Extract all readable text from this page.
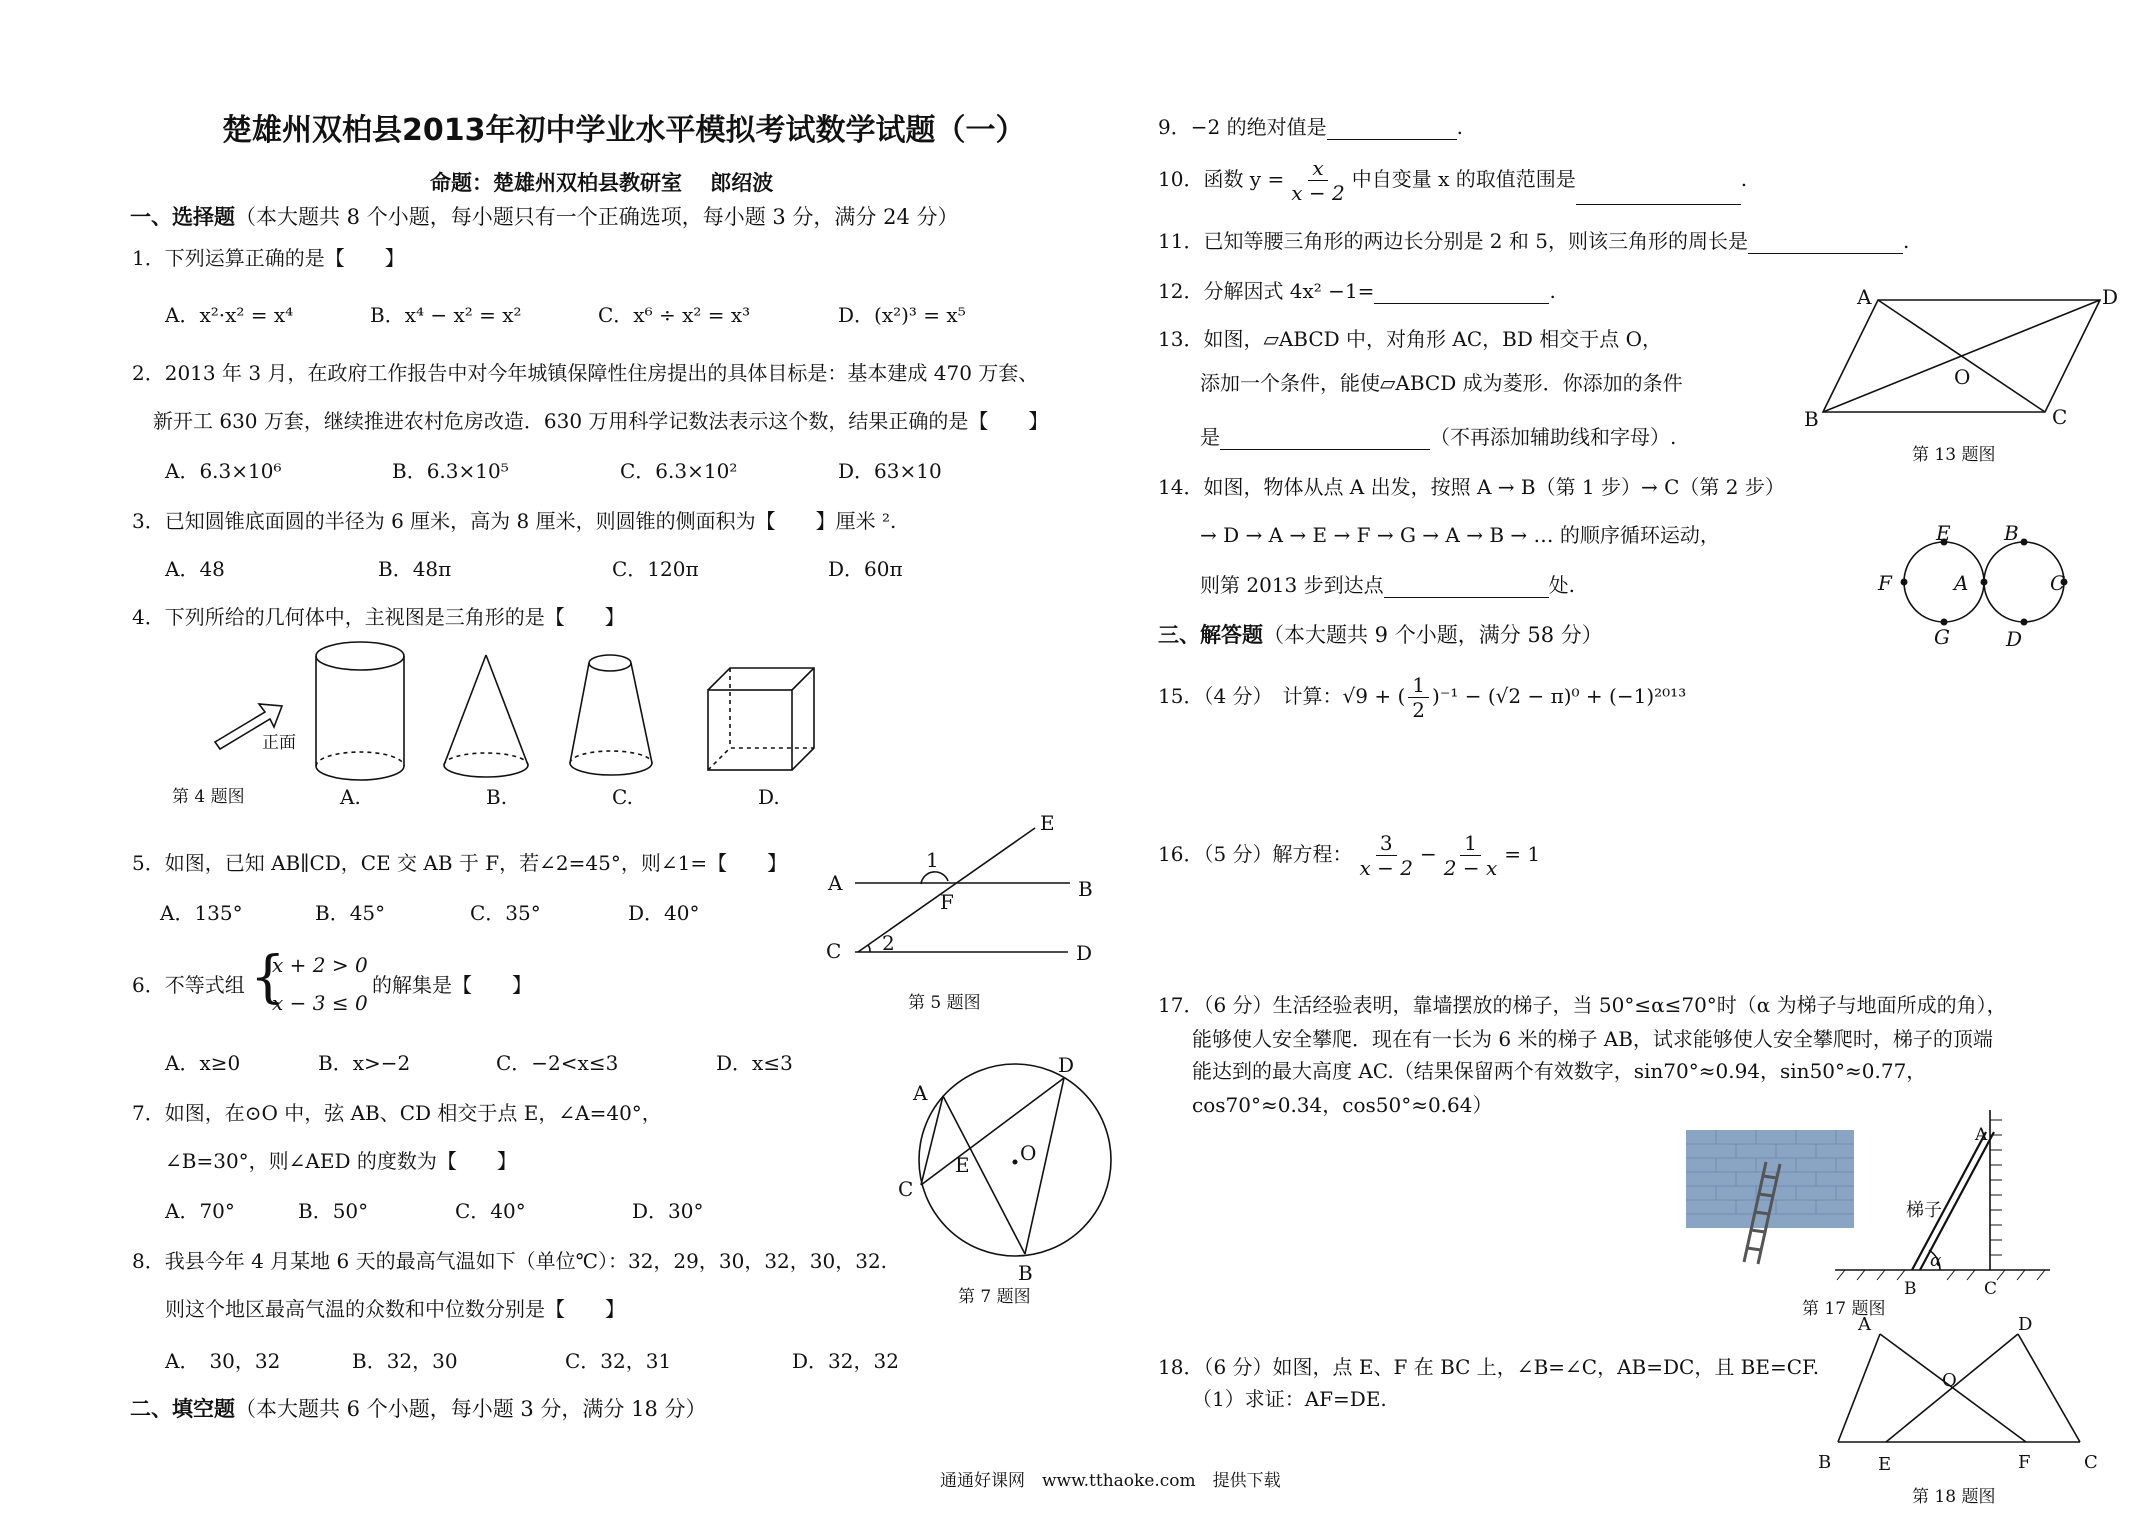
楚雄州双柏县2013年初中学业水平模拟考试数学试题（一）
命题：楚雄州双柏县教研室　 郎绍波
一、选择题（本大题共 8 个小题，每小题只有一个正确选项，每小题 3 分，满分 24 分）
1．下列运算正确的是【　　】
A．x²·x² = x⁴	B．x⁴ − x² = x²	C．x⁶ ÷ x² = x³	D．(x²)³ = x⁵
2．2013 年 3 月，在政府工作报告中对今年城镇保障性住房提出的具体目标是：基本建成 470 万套、
新开工 630 万套，继续推进农村危房改造．630 万用科学记数法表示这个数，结果正确的是【　　】
A．6.3×10⁶	B．6.3×10⁵	C．6.3×10²	D．63×10
3．已知圆锥底面圆的半径为 6 厘米，高为 8 厘米，则圆锥的侧面积为【　　】厘米 ².
A．48	B．48π	C．120π	D．60π
4．下列所给的几何体中，主视图是三角形的是【　　】
正面
第 4 题图	A.	B.	C.	D.
5．如图，已知 AB∥CD，CE 交 AB 于 F，若∠2=45°，则∠1=【　　】
A．135°	B．45°	C．35°	D．40°
E
A	B
F
C	D
1
2
第 5 题图
6．不等式组 {
x + 2 > 0
x − 3 ≤ 0
的解集是【　　】
A．x≥0	B．x>−2	C．−2<x≤3	D．x≤3
7．如图，在⊙O 中，弦 AB、CD 相交于点 E，∠A=40°，
∠B=30°，则∠AED 的度数为【　　】
A．70°	B．50°	C．40°	D．30°
A
D
O
E
C
B
第 7 题图
8．我县今年 4 月某地 6 天的最高气温如下（单位℃）：32，29，30，32，30，32.
则这个地区最高气温的众数和中位数分别是【　　】
A．　30，32	B．32，30	C．32，31	D．32，32
二、填空题（本大题共 6 个小题，每小题 3 分，满分 18 分）
9．−2 的绝对值是	.
10．函数 $y = \frac{x}{x - 2}$ 中自变量 x 的取值范围是	.
11．已知等腰三角形的两边长分别是 2 和 5，则该三角形的周长是	.
12．分解因式 4x² −1=	.
13．如图，▱ABCD 中，对角形 AC，BD 相交于点 O，
添加一个条件，能使▱ABCD 成为菱形．你添加的条件
是	（不再添加辅助线和字母）.
A	D
O
B	C
第 13 题图
14．如图，物体从点 A 出发，按照 A → B（第 1 步）→ C（第 2 步）
→ D → A → E → F → G → A → B → … 的顺序循环运动，
则第 2013 步到达点	处.
E	B
F	A	C
G	D
三、解答题（本大题共 9 个小题，满分 58 分）
15．（4 分）　计算：√9 + ( $\frac{1}{2} )^{-1} - (√2 - \pi)^0 + (-1)^{2013}$
16．（5 分）解方程： $\frac{3}{x - 2} - \frac{1}{2 - x} = 1$
17．（6 分）生活经验表明，靠墙摆放的梯子，当 50°≤α≤70°时（α 为梯子与地面所成的角），
能够使人安全攀爬．现在有一长为 6 米的梯子 AB，试求能够使人安全攀爬时，梯子的顶端
能达到的最大高度 AC.（结果保留两个有效数字，sin70°≈0.94，sin50°≈0.77，
cos70°≈0.34，cos50°≈0.64）
A
B	C
α
梯子
第 17 题图
18．（6 分）如图，点 E、F 在 BC 上，∠B=∠C，AB=DC，且 BE=CF.
（1）求证：AF=DE.
A	D
O
B	E	F	C
第 18 题图
通通好课网　www.tthaoke.com　提供下载
